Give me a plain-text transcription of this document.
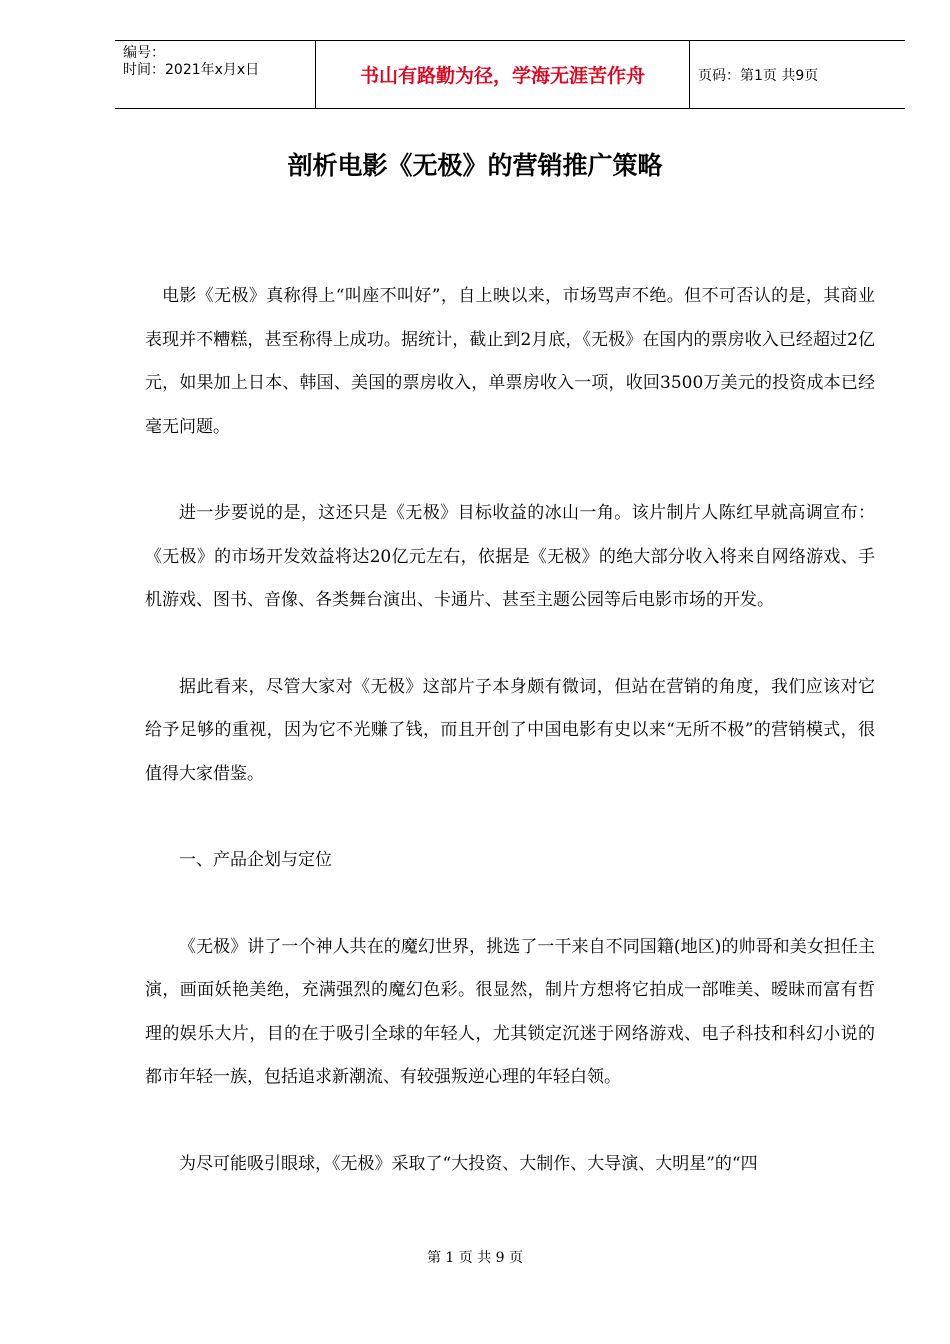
编号：
时间：2021年x月x日	书山有路勤为径，学海无涯苦作舟	页码：第1页 共9页
剖析电影《无极》的营销推广策略

电影《无极》真称得上“叫座不叫好”，自上映以来，市场骂声不绝。但不可否认的是，其商业表现并不糟糕，甚至称得上成功。据统计，截止到2月底，《无极》在国内的票房收入已经超过2亿元，如果加上日本、韩国、美国的票房收入，单票房收入一项，收回3500万美元的投资成本已经毫无问题。

进一步要说的是，这还只是《无极》目标收益的冰山一角。该片制片人陈红早就高调宣布：《无极》的市场开发效益将达20亿元左右，依据是《无极》的绝大部分收入将来自网络游戏、手机游戏、图书、音像、各类舞台演出、卡通片、甚至主题公园等后电影市场的开发。

据此看来，尽管大家对《无极》这部片子本身颇有微词，但站在营销的角度，我们应该对它给予足够的重视，因为它不光赚了钱，而且开创了中国电影有史以来“无所不极”的营销模式，很值得大家借鉴。

一、产品企划与定位

《无极》讲了一个神人共在的魔幻世界，挑选了一干来自不同国籍(地区)的帅哥和美女担任主演，画面妖艳美绝，充满强烈的魔幻色彩。很显然，制片方想将它拍成一部唯美、暧昧而富有哲理的娱乐大片，目的在于吸引全球的年轻人，尤其锁定沉迷于网络游戏、电子科技和科幻小说的都市年轻一族，包括追求新潮流、有较强叛逆心理的年轻白领。

为尽可能吸引眼球，《无极》采取了“大投资、大制作、大导演、大明星”的“四

第 1 页 共 9 页
